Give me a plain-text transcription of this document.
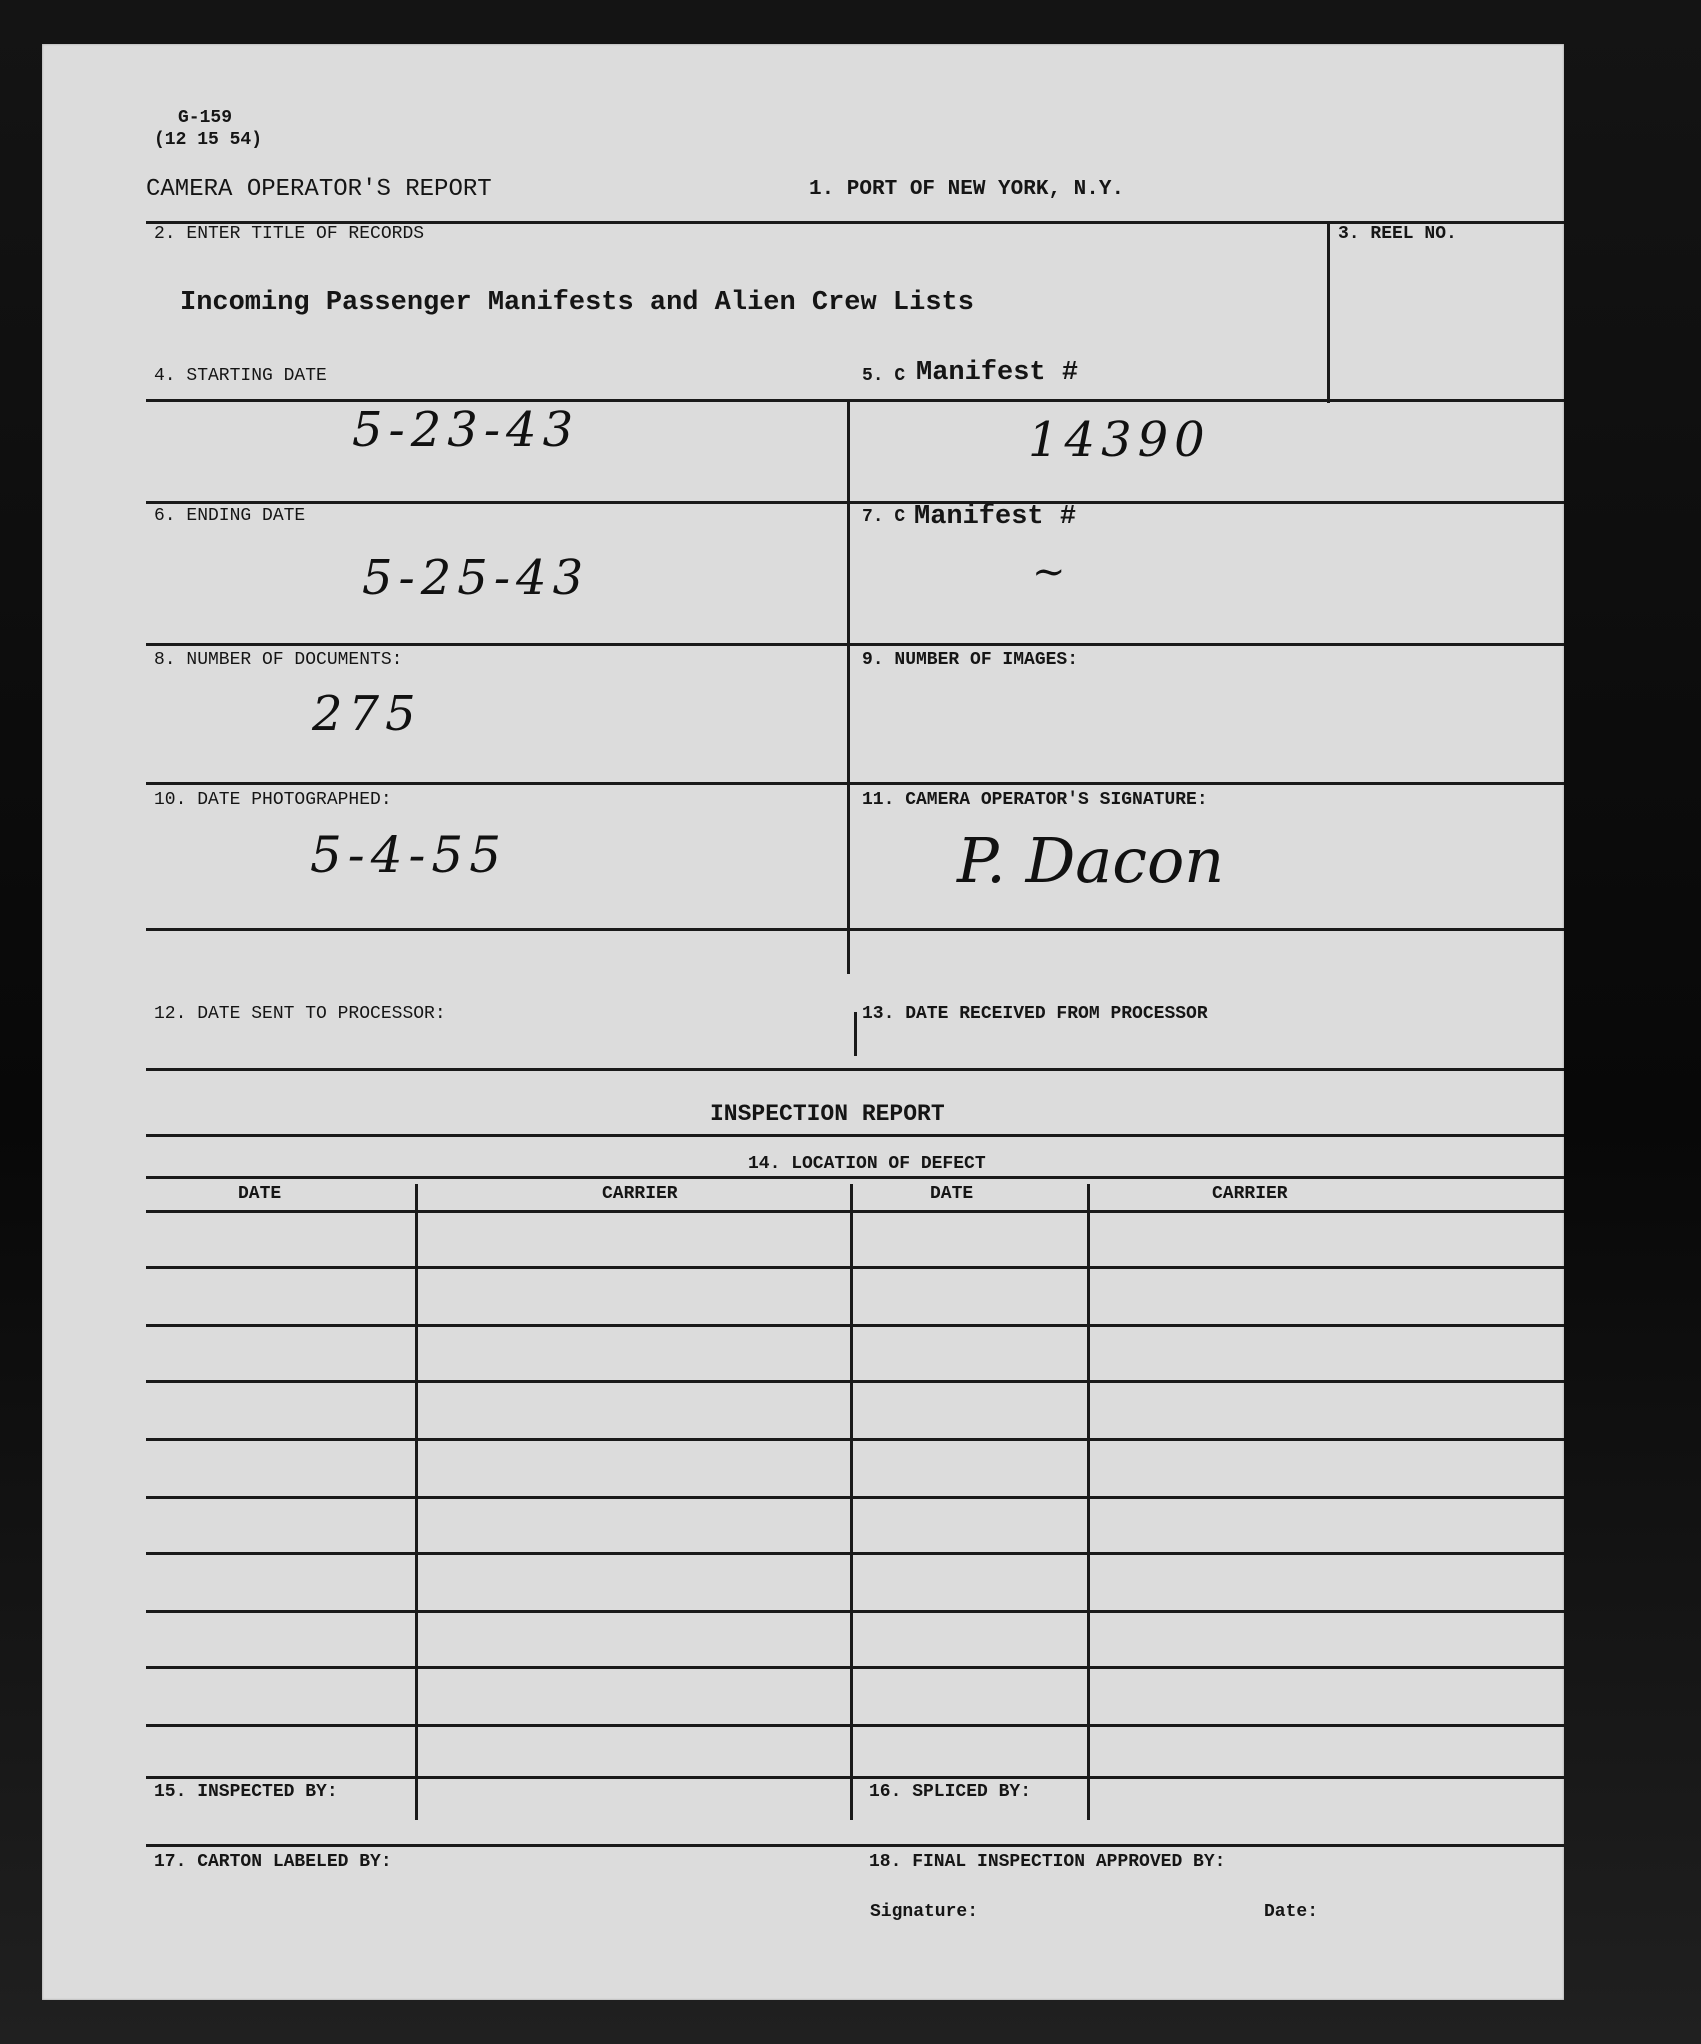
G-159
(12 15 54)
CAMERA OPERATOR'S REPORT	1. PORT OF NEW YORK, N.Y.
2. ENTER TITLE OF RECORDS
Incoming Passenger Manifests and Alien Crew Lists
3. REEL NO.
4. STARTING DATE
5-23-43
5. C Manifest #
14390
6. ENDING DATE
5-25-43
7. C Manifest #
~
8. NUMBER OF DOCUMENTS:
275
9. NUMBER OF IMAGES:
10. DATE PHOTOGRAPHED:
5-4-55
11. CAMERA OPERATOR'S SIGNATURE:
P. Dacon
12. DATE SENT TO PROCESSOR:	13. DATE RECEIVED FROM PROCESSOR
INSPECTION REPORT
14. LOCATION OF DEFECT
DATE	CARRIER	DATE	CARRIER
15. INSPECTED BY:	16. SPLICED BY:
17. CARTON LABELED BY:	18. FINAL INSPECTION APPROVED BY:
Signature:	Date:
